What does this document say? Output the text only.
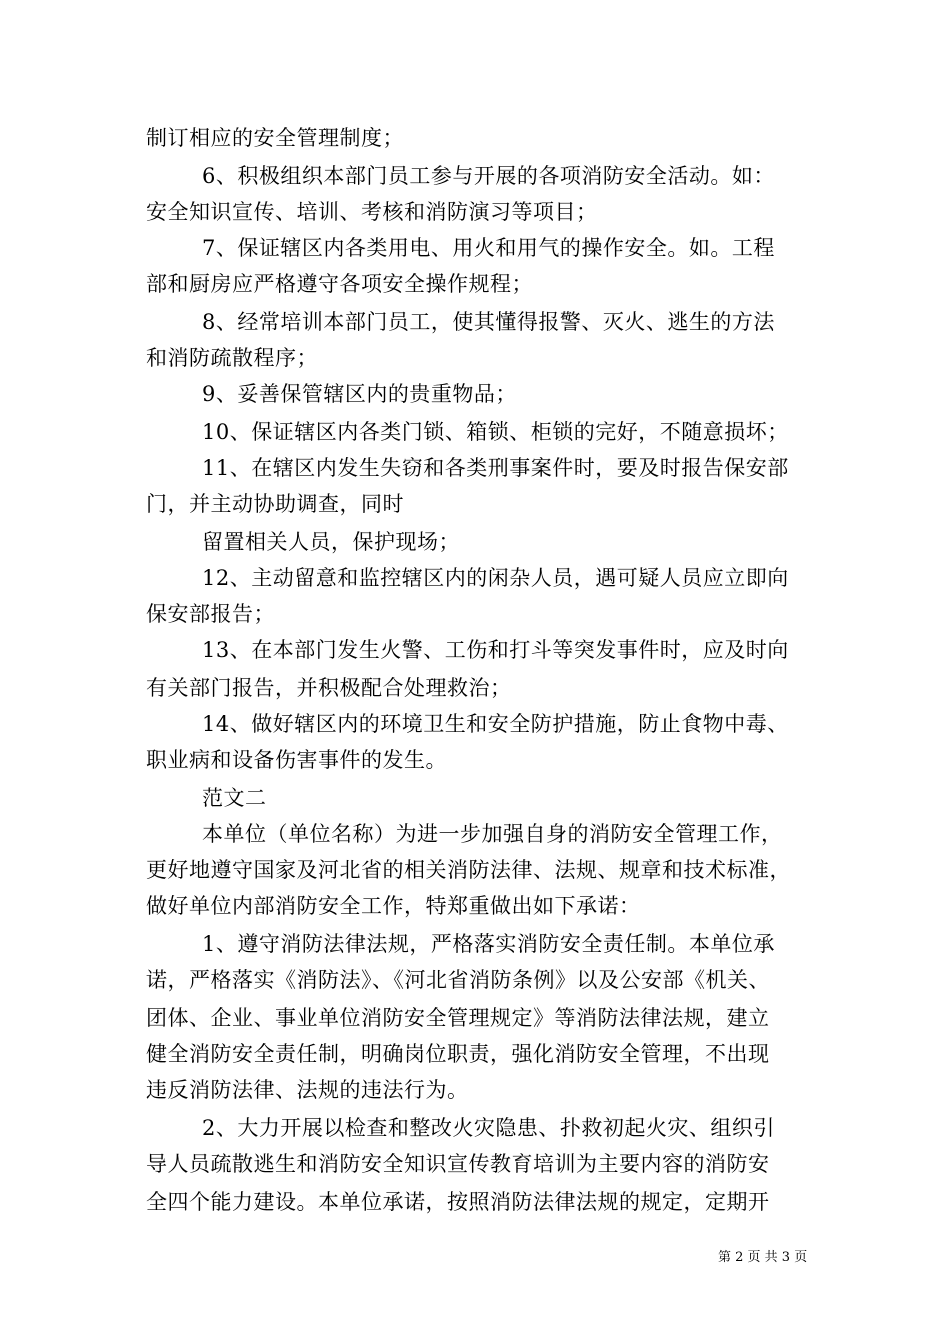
制订相应的安全管理制度；
6、积极组织本部门员工参与开展的各项消防安全活动。如：
安全知识宣传、培训、考核和消防演习等项目；
7、保证辖区内各类用电、用火和用气的操作安全。如。工程
部和厨房应严格遵守各项安全操作规程；
8、经常培训本部门员工，使其懂得报警、灭火、逃生的方法
和消防疏散程序；
9、妥善保管辖区内的贵重物品；
10、保证辖区内各类门锁、箱锁、柜锁的完好，不随意损坏；
11、在辖区内发生失窃和各类刑事案件时，要及时报告保安部
门，并主动协助调查，同时
留置相关人员，保护现场；
12、主动留意和监控辖区内的闲杂人员，遇可疑人员应立即向
保安部报告；
13、在本部门发生火警、工伤和打斗等突发事件时，应及时向
有关部门报告，并积极配合处理救治；
14、做好辖区内的环境卫生和安全防护措施，防止食物中毒、
职业病和设备伤害事件的发生。
范文二
本单位（单位名称）为进一步加强自身的消防安全管理工作，
更好地遵守国家及河北省的相关消防法律、法规、规章和技术标准，
做好单位内部消防安全工作，特郑重做出如下承诺：
1、遵守消防法律法规，严格落实消防安全责任制。本单位承
诺，严格落实《消防法》、《河北省消防条例》以及公安部《机关、
团体、企业、事业单位消防安全管理规定》等消防法律法规，建立
健全消防安全责任制，明确岗位职责，强化消防安全管理，不出现
违反消防法律、法规的违法行为。
2、大力开展以检查和整改火灾隐患、扑救初起火灾、组织引
导人员疏散逃生和消防安全知识宣传教育培训为主要内容的消防安
全四个能力建设。本单位承诺，按照消防法律法规的规定，定期开
第 2 页 共 3 页
